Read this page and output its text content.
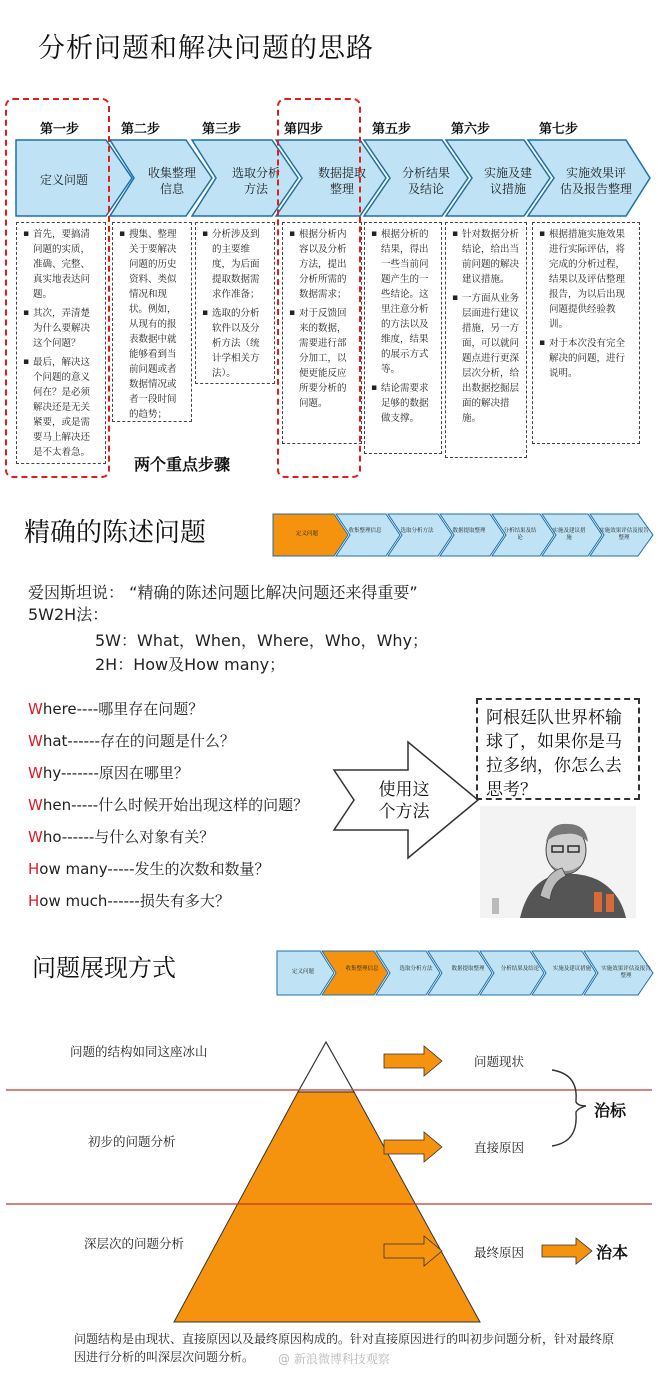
分析问题和解决问题的思路
第一步	第二步	第三步	第四步	第五步	第六步	第七步
定义问题	收集整理
信息
选取分析
方法
数据提取
整理
分析结果
及结论
实施及建
议措施
实施效果评
估及报告整理
▪ 首先，要搞清问题的实质，准确、完整、真实地表达问题。
▪ 其次，弄清楚为什么要解决这个问题？
▪ 最后，解决这个问题的意义何在？是必须解决还是无关紧要，或是需要马上解决还是不太着急。
▪ 搜集、整理关于要解决问题的历史资料、类似情况和现状。例如，从现有的报表数据中就能够看到当前问题或者数据情况或者一段时间的趋势；
▪ 分析涉及到的主要维度，为后面提取数据需求作准备；
▪ 选取的分析软件以及分析方法（统计学相关方法）。
▪ 根据分析内容以及分析方法，提出分析所需的数据需求；
▪ 对于反馈回来的数据，需要进行部分加工，以便更能反应所要分析的问题。
▪ 根据分析的结果，得出一些当前问题产生的一些结论。这里注意分析的方法以及维度，结果的展示方式等。
▪ 结论需要求足够的数据做支撑。
▪ 针对数据分析结论，给出当前问题的解决建议措施。
▪ 一方面从业务层面进行建议措施，另一方面，可以就问题点进行更深层次分析，给出数据挖掘层面的解决措施。
▪ 根据措施实施效果进行实际评估，将完成的分析过程，结果以及评估整理报告，为以后出现问题提供经验教训。
▪ 对于本次没有完全解决的问题，进行说明。
两个重点步骤
精确的陈述问题	定义问题	收集整理信息	选取分析方法	数据提取整理	分析结果及结论
实施及建议措施
实施效果评估及报告整理
爱因斯坦说： “精确的陈述问题比解决问题还来得重要”
5W2H法：
5W：What，When，Where，Who，Why；
2H：How及How many；
Where----哪里存在问题？
What------存在的问题是什么？
Why-------原因在哪里？
When-----什么时候开始出现这样的问题？
Who------与什么对象有关？
How many-----发生的次数和数量？
How much------损失有多大？
使用这
个方法
阿根廷队世界杯输球了，如果你是马拉多纳，你怎么去思考？
问题展现方式	定义问题	收集整理信息	选取分析方法	数据提取整理	分析结果及结论 实施及建议措施 实施效果评估及报告整理
问题的结构如同这座冰山
初步的问题分析
深层次的问题分析
问题现状
直接原因
最终原因
治标
治本
问题结构是由现状、直接原因以及最终原因构成的。针对直接原因进行的叫初步问题分析，针对最终原因进行分析的叫深层次问题分析。	@ 新浪微博科技观察
